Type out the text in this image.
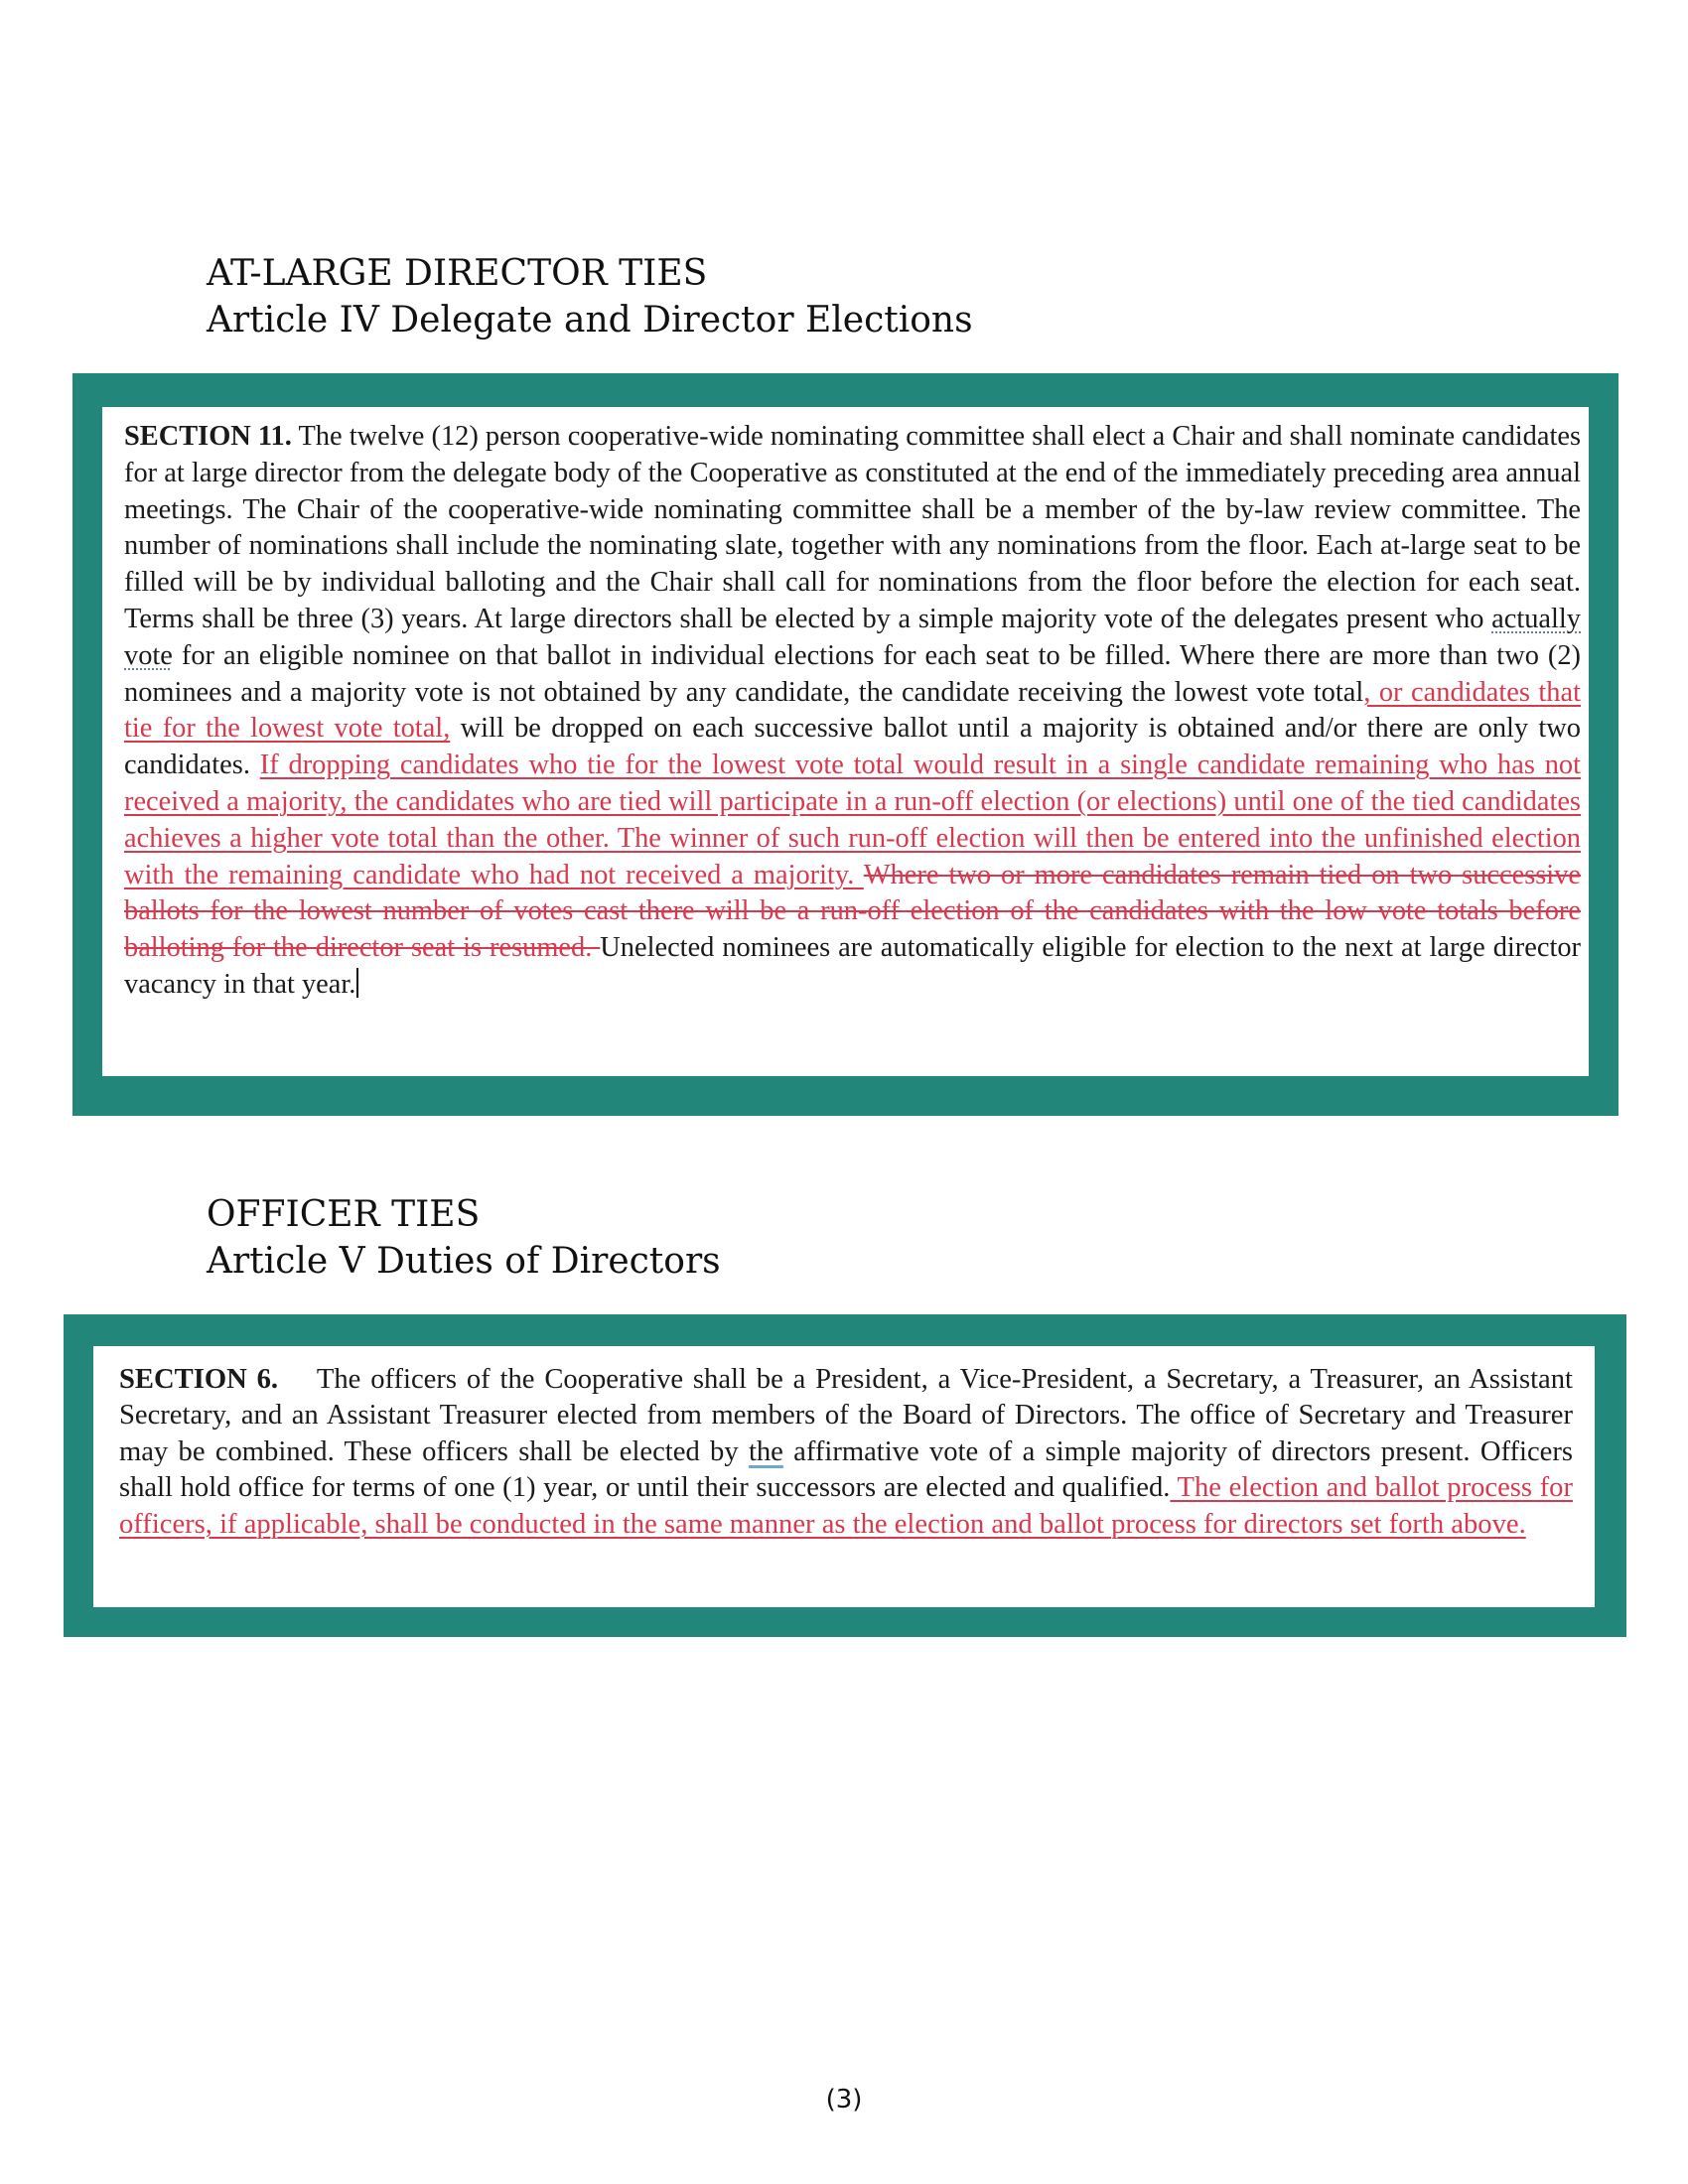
AT-LARGE DIRECTOR TIES
Article IV Delegate and Director Elections
SECTION 11. The twelve (12) person cooperative-wide nominating committee shall elect a Chair and shall nominate candidates for at large director from the delegate body of the Cooperative as constituted at the end of the immediately preceding area annual meetings. The Chair of the cooperative-wide nominating committee shall be a member of the by-law review committee. The number of nominations shall include the nominating slate, together with any nominations from the floor. Each at-large seat to be filled will be by individual balloting and the Chair shall call for nominations from the floor before the election for each seat. Terms shall be three (3) years. At large directors shall be elected by a simple majority vote of the delegates present who actually vote for an eligible nominee on that ballot in individual elections for each seat to be filled. Where there are more than two (2) nominees and a majority vote is not obtained by any candidate, the candidate receiving the lowest vote total, or candidates that tie for the lowest vote total, will be dropped on each successive ballot until a majority is obtained and/or there are only two candidates. If dropping candidates who tie for the lowest vote total would result in a single candidate remaining who has not received a majority, the candidates who are tied will participate in a run-off election (or elections) until one of the tied candidates achieves a higher vote total than the other. The winner of such run-off election will then be entered into the unfinished election with the remaining candidate who had not received a majority. Where two or more candidates remain tied on two successive ballots for the lowest number of votes cast there will be a run-off election of the candidates with the low vote totals before balloting for the director seat is resumed. Unelected nominees are automatically eligible for election to the next at large director vacancy in that year.
OFFICER TIES
Article V Duties of Directors
SECTION 6.    The officers of the Cooperative shall be a President, a Vice-President, a Secretary, a Treasurer, an Assistant Secretary, and an Assistant Treasurer elected from members of the Board of Directors. The office of Secretary and Treasurer may be combined. These officers shall be elected by the affirmative vote of a simple majority of directors present. Officers shall hold office for terms of one (1) year, or until their successors are elected and qualified. The election and ballot process for officers, if applicable, shall be conducted in the same manner as the election and ballot process for directors set forth above.
(3)
